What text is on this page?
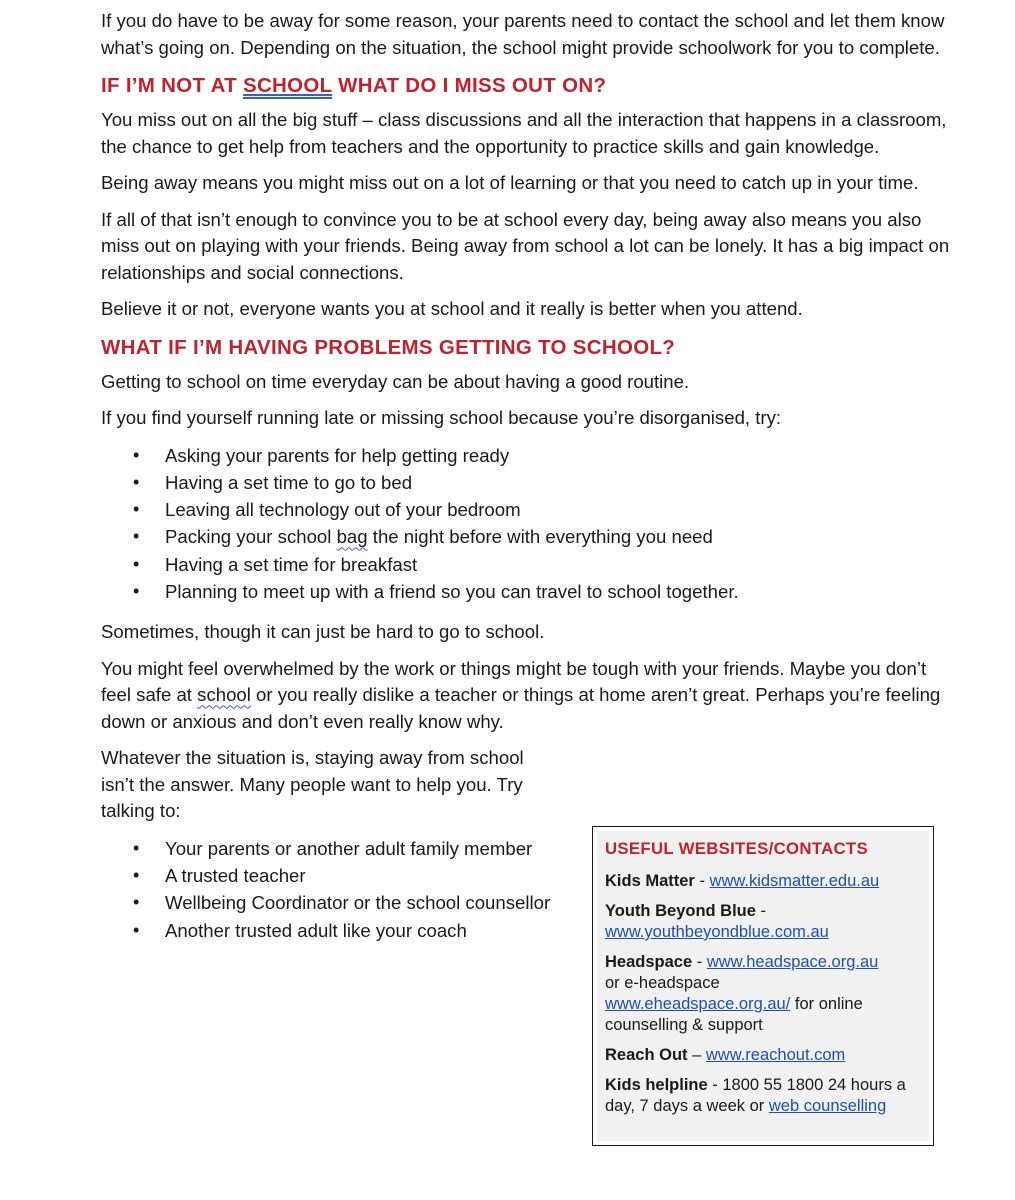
If you do have to be away for some reason, your parents need to contact the school and let them know what’s going on. Depending on the situation, the school might provide schoolwork for you to complete.

IF I’M NOT AT SCHOOL WHAT DO I MISS OUT ON?

You miss out on all the big stuff – class discussions and all the interaction that happens in a classroom, the chance to get help from teachers and the opportunity to practice skills and gain knowledge.

Being away means you might miss out on a lot of learning or that you need to catch up in your time.

If all of that isn’t enough to convince you to be at school every day, being away also means you also miss out on playing with your friends. Being away from school a lot can be lonely. It has a big impact on relationships and social connections.

Believe it or not, everyone wants you at school and it really is better when you attend.

WHAT IF I’M HAVING PROBLEMS GETTING TO SCHOOL?

Getting to school on time everyday can be about having a good routine.

If you find yourself running late or missing school because you’re disorganised, try:

• Asking your parents for help getting ready
• Having a set time to go to bed
• Leaving all technology out of your bedroom
• Packing your school bag the night before with everything you need
• Having a set time for breakfast
• Planning to meet up with a friend so you can travel to school together.

Sometimes, though it can just be hard to go to school.

You might feel overwhelmed by the work or things might be tough with your friends. Maybe you don’t feel safe at school or you really dislike a teacher or things at home aren’t great. Perhaps you’re feeling down or anxious and don’t even really know why.

Whatever the situation is, staying away from school isn’t the answer. Many people want to help you. Try talking to:

• Your parents or another adult family member
• A trusted teacher
• Wellbeing Coordinator or the school counsellor
• Another trusted adult like your coach
USEFUL WEBSITES/CONTACTS
Kids Matter - www.kidsmatter.edu.au
Youth Beyond Blue -
www.youthbeyondblue.com.au
Headspace - www.headspace.org.au
or e-headspace
www.eheadspace.org.au/ for online counselling & support
Reach Out – www.reachout.com
Kids helpline - 1800 55 1800 24 hours a day, 7 days a week or web counselling
